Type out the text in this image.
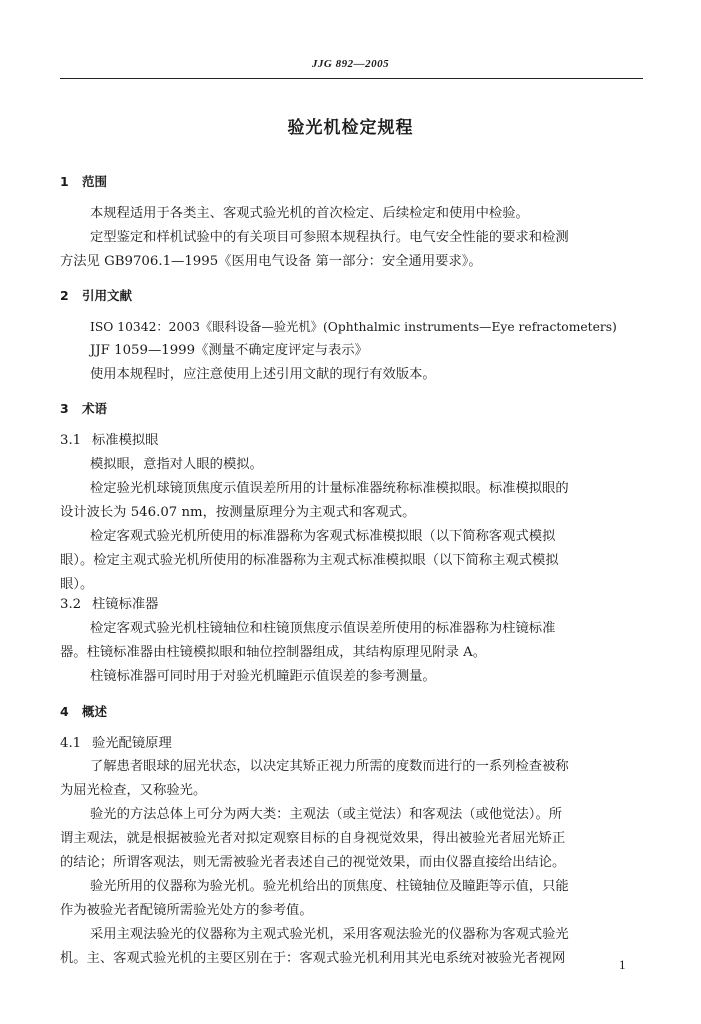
JJG 892—2005
验光机检定规程
1 范围
本规程适用于各类主、客观式验光机的首次检定、后续检定和使用中检验。
定型鉴定和样机试验中的有关项目可参照本规程执行。电气安全性能的要求和检测
方法见 GB9706.1—1995《医用电气设备 第一部分：安全通用要求》。
2 引用文献
ISO 10342：2003《眼科设备—验光机》(Ophthalmic instruments—Eye refractometers)
JJF 1059—1999《测量不确定度评定与表示》
使用本规程时，应注意使用上述引用文献的现行有效版本。
3 术语
3.1 标准模拟眼
模拟眼，意指对人眼的模拟。
检定验光机球镜顶焦度示值误差所用的计量标准器统称标准模拟眼。标准模拟眼的
设计波长为 546.07 nm，按测量原理分为主观式和客观式。
检定客观式验光机所使用的标准器称为客观式标准模拟眼（以下简称客观式模拟
眼）。检定主观式验光机所使用的标准器称为主观式标准模拟眼（以下简称主观式模拟
眼）。
3.2 柱镜标准器
检定客观式验光机柱镜轴位和柱镜顶焦度示值误差所使用的标准器称为柱镜标准
器。柱镜标准器由柱镜模拟眼和轴位控制器组成，其结构原理见附录 A。
柱镜标准器可同时用于对验光机瞳距示值误差的参考测量。
4 概述
4.1 验光配镜原理
了解患者眼球的屈光状态，以决定其矫正视力所需的度数而进行的一系列检查被称
为屈光检查，又称验光。
验光的方法总体上可分为两大类：主观法（或主觉法）和客观法（或他觉法）。所
谓主观法，就是根据被验光者对拟定观察目标的自身视觉效果，得出被验光者屈光矫正
的结论；所谓客观法，则无需被验光者表述自己的视觉效果，而由仪器直接给出结论。
验光所用的仪器称为验光机。验光机给出的顶焦度、柱镜轴位及瞳距等示值，只能
作为被验光者配镜所需验光处方的参考值。
采用主观法验光的仪器称为主观式验光机，采用客观法验光的仪器称为客观式验光
机。主、客观式验光机的主要区别在于：客观式验光机利用其光电系统对被验光者视网	1
